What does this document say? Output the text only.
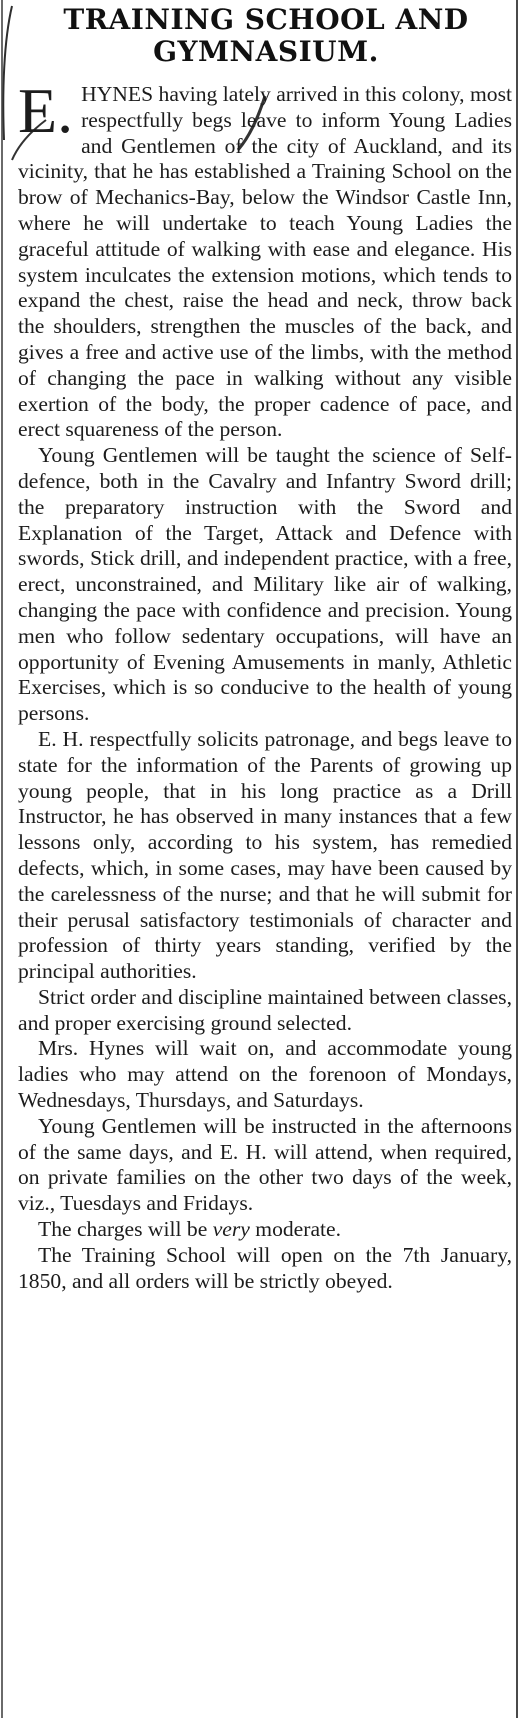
TRAINING SCHOOL AND
GYMNASIUM.

E. HYNES having lately arrived in this colony, most respectfully begs leave to inform Young Ladies and Gentlemen of the city of Auckland, and its vicinity, that he has established a Training School on the brow of Mechanics-Bay, below the Windsor Castle Inn, where he will undertake to teach Young Ladies the graceful attitude of walking with ease and elegance. His system inculcates the extension motions, which tends to expand the chest, raise the head and neck, throw back the shoulders, strengthen the muscles of the back, and gives a free and active use of the limbs, with the method of changing the pace in walking without any visible exertion of the body, the proper cadence of pace, and erect squareness of the person.

Young Gentlemen will be taught the science of Self-defence, both in the Cavalry and Infantry Sword drill; the preparatory instruction with the Sword and Explanation of the Target, Attack and Defence with swords, Stick drill, and independent practice, with a free, erect, unconstrained, and Military like air of walking, changing the pace with confidence and precision. Young men who follow sedentary occupations, will have an opportunity of Evening Amusements in manly, Athletic Exercises, which is so conducive to the health of young persons.

E. H. respectfully solicits patronage, and begs leave to state for the information of the Parents of growing up young people, that in his long practice as a Drill Instructor, he has observed in many instances that a few lessons only, according to his system, has remedied defects, which, in some cases, may have been caused by the carelessness of the nurse; and that he will submit for their perusal satisfactory testimonials of character and profession of thirty years standing, verified by the principal authorities.

Strict order and discipline maintained between classes, and proper exercising ground selected.

Mrs. Hynes will wait on, and accommodate young ladies who may attend on the forenoon of Mondays, Wednesdays, Thursdays, and Saturdays.

Young Gentlemen will be instructed in the afternoons of the same days, and E. H. will attend, when required, on private families on the other two days of the week, viz., Tuesdays and Fridays.

The charges will be very moderate.

The Training School will open on the 7th January, 1850, and all orders will be strictly obeyed.
